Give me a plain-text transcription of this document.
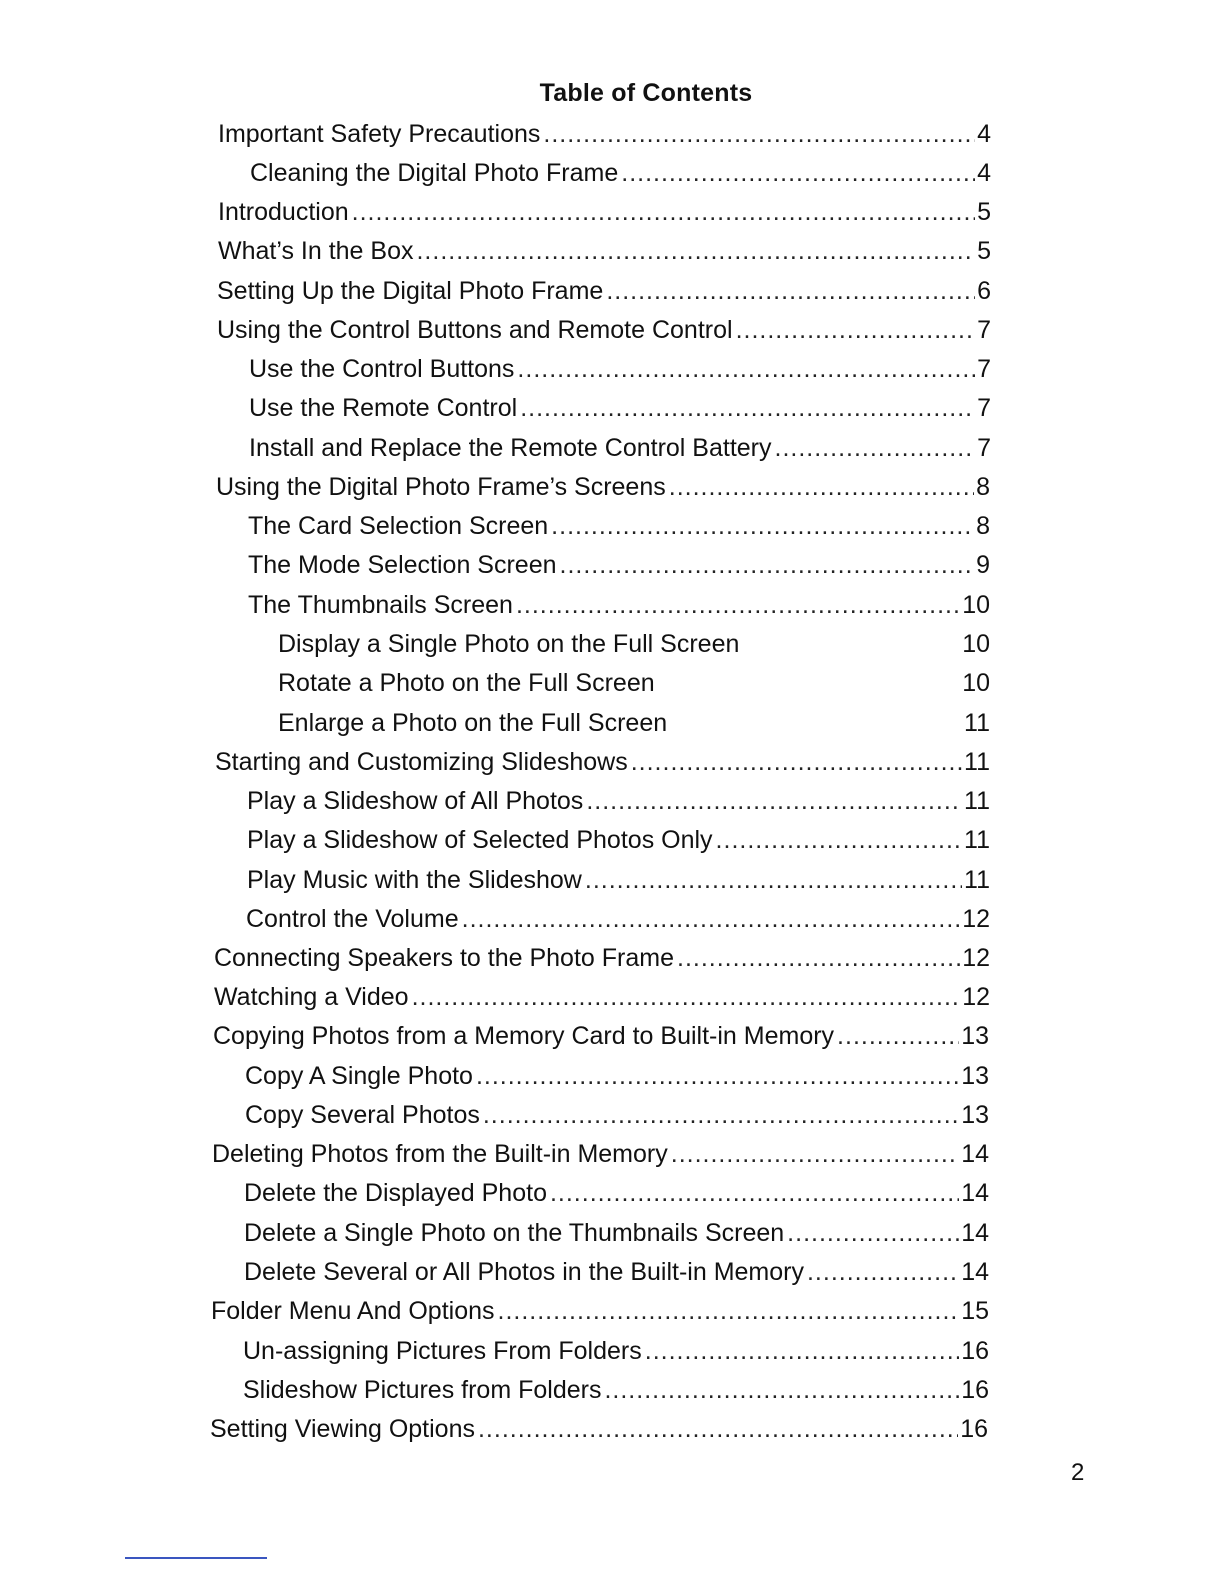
Table of Contents
Important Safety Precautions .....	4
Cleaning the Digital Photo Frame .....	4
Introduction .....	5
What’s In the Box .....	5
Setting Up the Digital Photo Frame .....	6
Using the Control Buttons and Remote Control .....	7
Use the Control Buttons .....	7
Use the Remote Control .....	7
Install and Replace the Remote Control Battery .....	7
Using the Digital Photo Frame’s Screens .....	8
The Card Selection Screen .....	8
The Mode Selection Screen .....	9
The Thumbnails Screen .....	10
Display a Single Photo on the Full Screen	10
Rotate a Photo on the Full Screen	10
Enlarge a Photo on the Full Screen	11
Starting and Customizing Slideshows .....	11
Play a Slideshow of All Photos .....	11
Play a Slideshow of Selected Photos Only .....	11
Play Music with the Slideshow .....	11
Control the Volume .....	12
Connecting Speakers to the Photo Frame .....	12
Watching a Video .....	12
Copying Photos from a Memory Card to Built-in Memory .....	13
Copy A Single Photo .....	13
Copy Several Photos .....	13
Deleting Photos from the Built-in Memory .....	14
Delete the Displayed Photo .....	14
Delete a Single Photo on the Thumbnails Screen .....	14
Delete Several or All Photos in the Built-in Memory .....	14
Folder Menu And Options .....	15
Un-assigning Pictures From Folders .....	16
Slideshow Pictures from Folders .....	16
Setting Viewing Options .....	16
2
